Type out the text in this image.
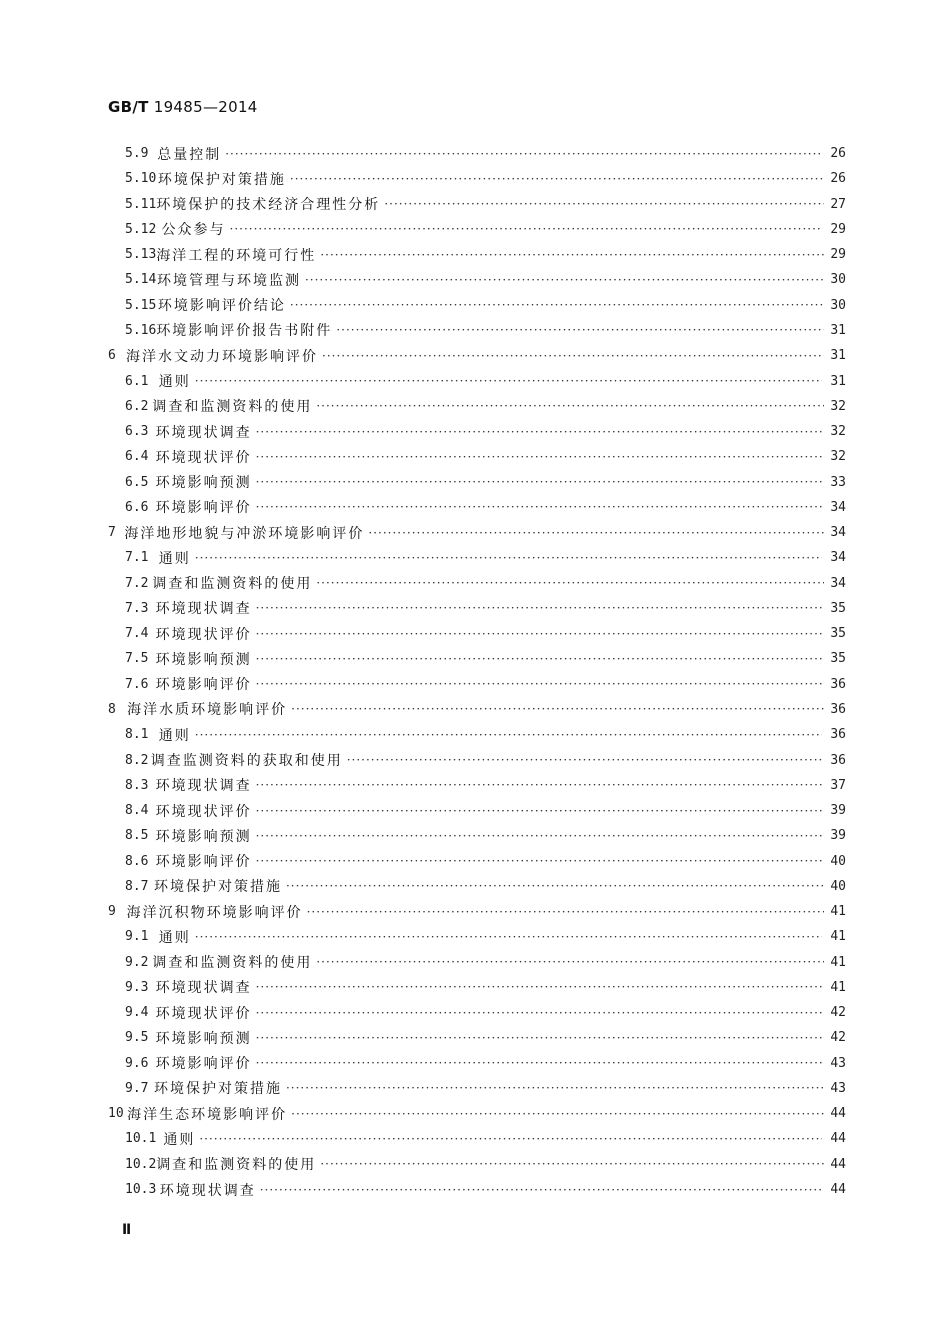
GB/T 19485—2014
5.9 总量控制 ·····	26
5.10 环境保护对策措施 ·····	26
5.11 环境保护的技术经济合理性分析 ·····	27
5.12 公众参与 ·····	29
5.13 海洋工程的环境可行性 ·····	29
5.14 环境管理与环境监测 ·····	30
5.15 环境影响评价结论 ·····	30
5.16 环境影响评价报告书附件 ·····	31
6 海洋水文动力环境影响评价 ·····	31
6.1 通则 ·····	31
6.2 调查和监测资料的使用 ·····	32
6.3 环境现状调查 ·····	32
6.4 环境现状评价 ·····	32
6.5 环境影响预测 ·····	33
6.6 环境影响评价 ·····	34
7 海洋地形地貌与冲淤环境影响评价 ·····	34
7.1 通则 ·····	34
7.2 调查和监测资料的使用 ·····	34
7.3 环境现状调查 ·····	35
7.4 环境现状评价 ·····	35
7.5 环境影响预测 ·····	35
7.6 环境影响评价 ·····	36
8 海洋水质环境影响评价 ·····	36
8.1 通则 ·····	36
8.2 调查监测资料的获取和使用 ·····	36
8.3 环境现状调查 ·····	37
8.4 环境现状评价 ·····	39
8.5 环境影响预测 ·····	39
8.6 环境影响评价 ·····	40
8.7 环境保护对策措施 ·····	40
9 海洋沉积物环境影响评价 ·····	41
9.1 通则 ·····	41
9.2 调查和监测资料的使用 ·····	41
9.3 环境现状调查 ·····	41
9.4 环境现状评价 ·····	42
9.5 环境影响预测 ·····	42
9.6 环境影响评价 ·····	43
9.7 环境保护对策措施 ·····	43
10 海洋生态环境影响评价 ·····	44
10.1 通则 ·····	44
10.2 调查和监测资料的使用 ·····	44
10.3 环境现状调查 ·····	44
Ⅱ
